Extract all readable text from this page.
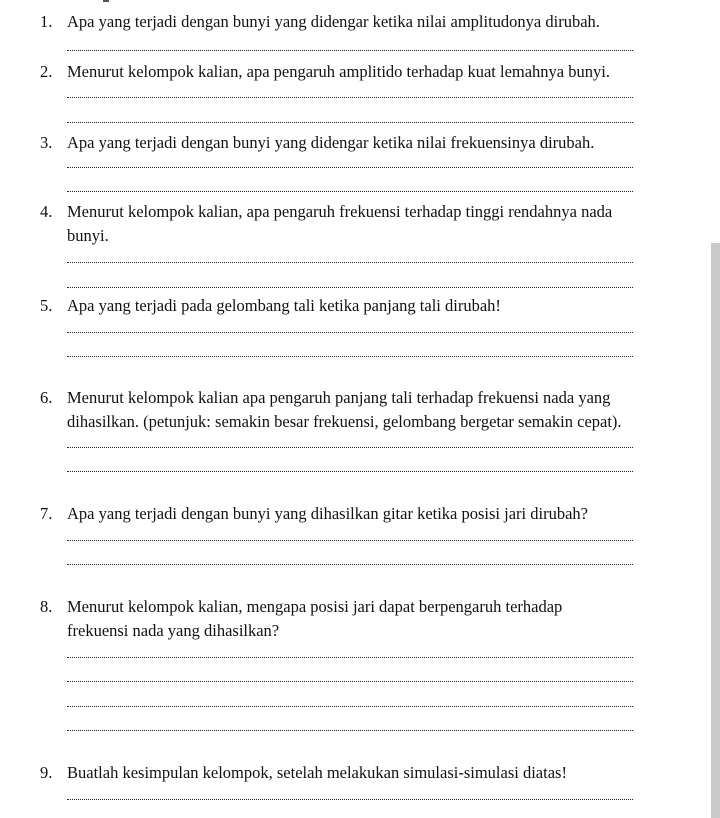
1. Apa yang terjadi dengan bunyi yang didengar ketika nilai amplitudonya dirubah.
2. Menurut kelompok kalian, apa pengaruh amplitido terhadap kuat lemahnya bunyi.
3. Apa yang terjadi dengan bunyi yang didengar ketika nilai frekuensinya dirubah.
4. Menurut kelompok kalian, apa pengaruh frekuensi terhadap tinggi rendahnya nada
bunyi.
5. Apa yang terjadi pada gelombang tali ketika panjang tali dirubah!
6. Menurut kelompok kalian apa pengaruh panjang tali terhadap frekuensi nada yang
dihasilkan. (petunjuk: semakin besar frekuensi, gelombang bergetar semakin cepat).
7. Apa yang terjadi dengan bunyi yang dihasilkan gitar ketika posisi jari dirubah?
8. Menurut kelompok kalian, mengapa posisi jari dapat berpengaruh terhadap
frekuensi nada yang dihasilkan?
9. Buatlah kesimpulan kelompok, setelah melakukan simulasi-simulasi diatas!
